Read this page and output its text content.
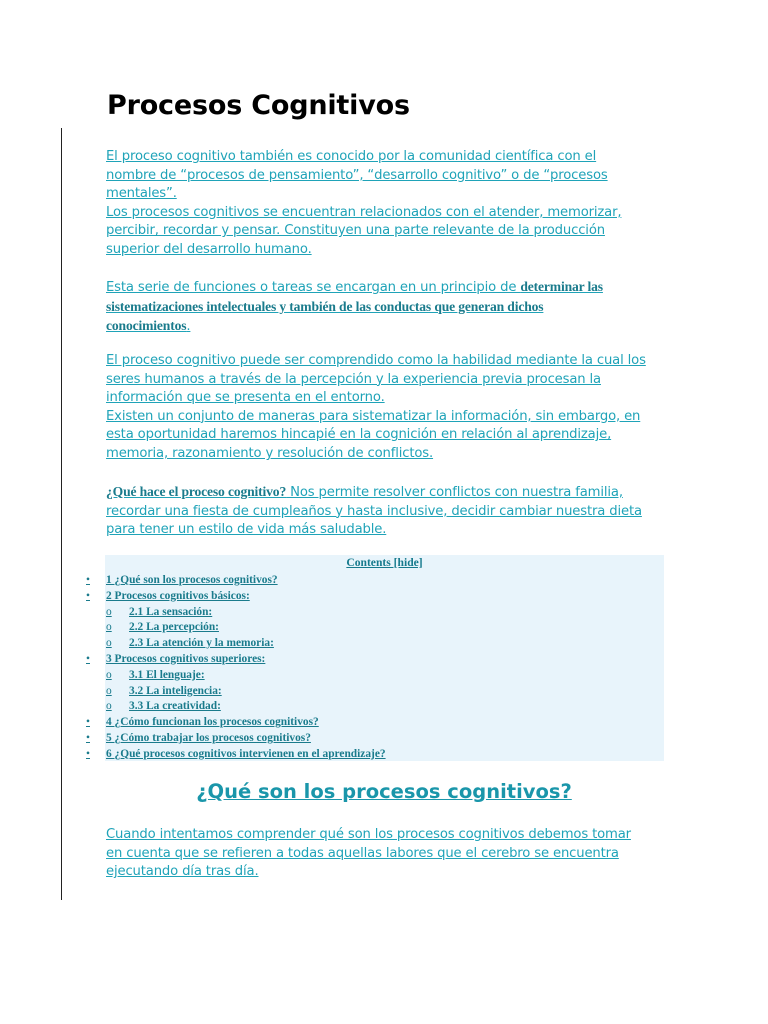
Procesos Cognitivos

El proceso cognitivo también es conocido por la comunidad científica con el
nombre de “procesos de pensamiento”, “desarrollo cognitivo” o de “procesos
mentales”.
Los procesos cognitivos se encuentran relacionados con el atender, memorizar,
percibir, recordar y pensar. Constituyen una parte relevante de la producción
superior del desarrollo humano.

Esta serie de funciones o tareas se encargan en un principio de determinar las
sistematizaciones intelectuales y también de las conductas que generan dichos
conocimientos.

El proceso cognitivo puede ser comprendido como la habilidad mediante la cual los
seres humanos a través de la percepción y la experiencia previa procesan la
información que se presenta en el entorno.
Existen un conjunto de maneras para sistematizar la información, sin embargo, en
esta oportunidad haremos hincapié en la cognición en relación al aprendizaje,
memoria, razonamiento y resolución de conflictos.

¿Qué hace el proceso cognitivo? Nos permite resolver conflictos con nuestra familia,
recordar una fiesta de cumpleaños y hasta inclusive, decidir cambiar nuestra dieta
para tener un estilo de vida más saludable.

Contents [hide]
•	1 ¿Qué son los procesos cognitivos?
•	2 Procesos cognitivos básicos:
o	2.1 La sensación:
o	2.2 La percepción:
o	2.3 La atención y la memoria:
•	3 Procesos cognitivos superiores:
o	3.1 El lenguaje:
o	3.2 La inteligencia:
o	3.3 La creatividad:
•	4 ¿Cómo funcionan los procesos cognitivos?
•	5 ¿Cómo trabajar los procesos cognitivos?
•	6 ¿Qué procesos cognitivos intervienen en el aprendizaje?
¿Qué son los procesos cognitivos?

Cuando intentamos comprender qué son los procesos cognitivos debemos tomar
en cuenta que se refieren a todas aquellas labores que el cerebro se encuentra
ejecutando día tras día.
